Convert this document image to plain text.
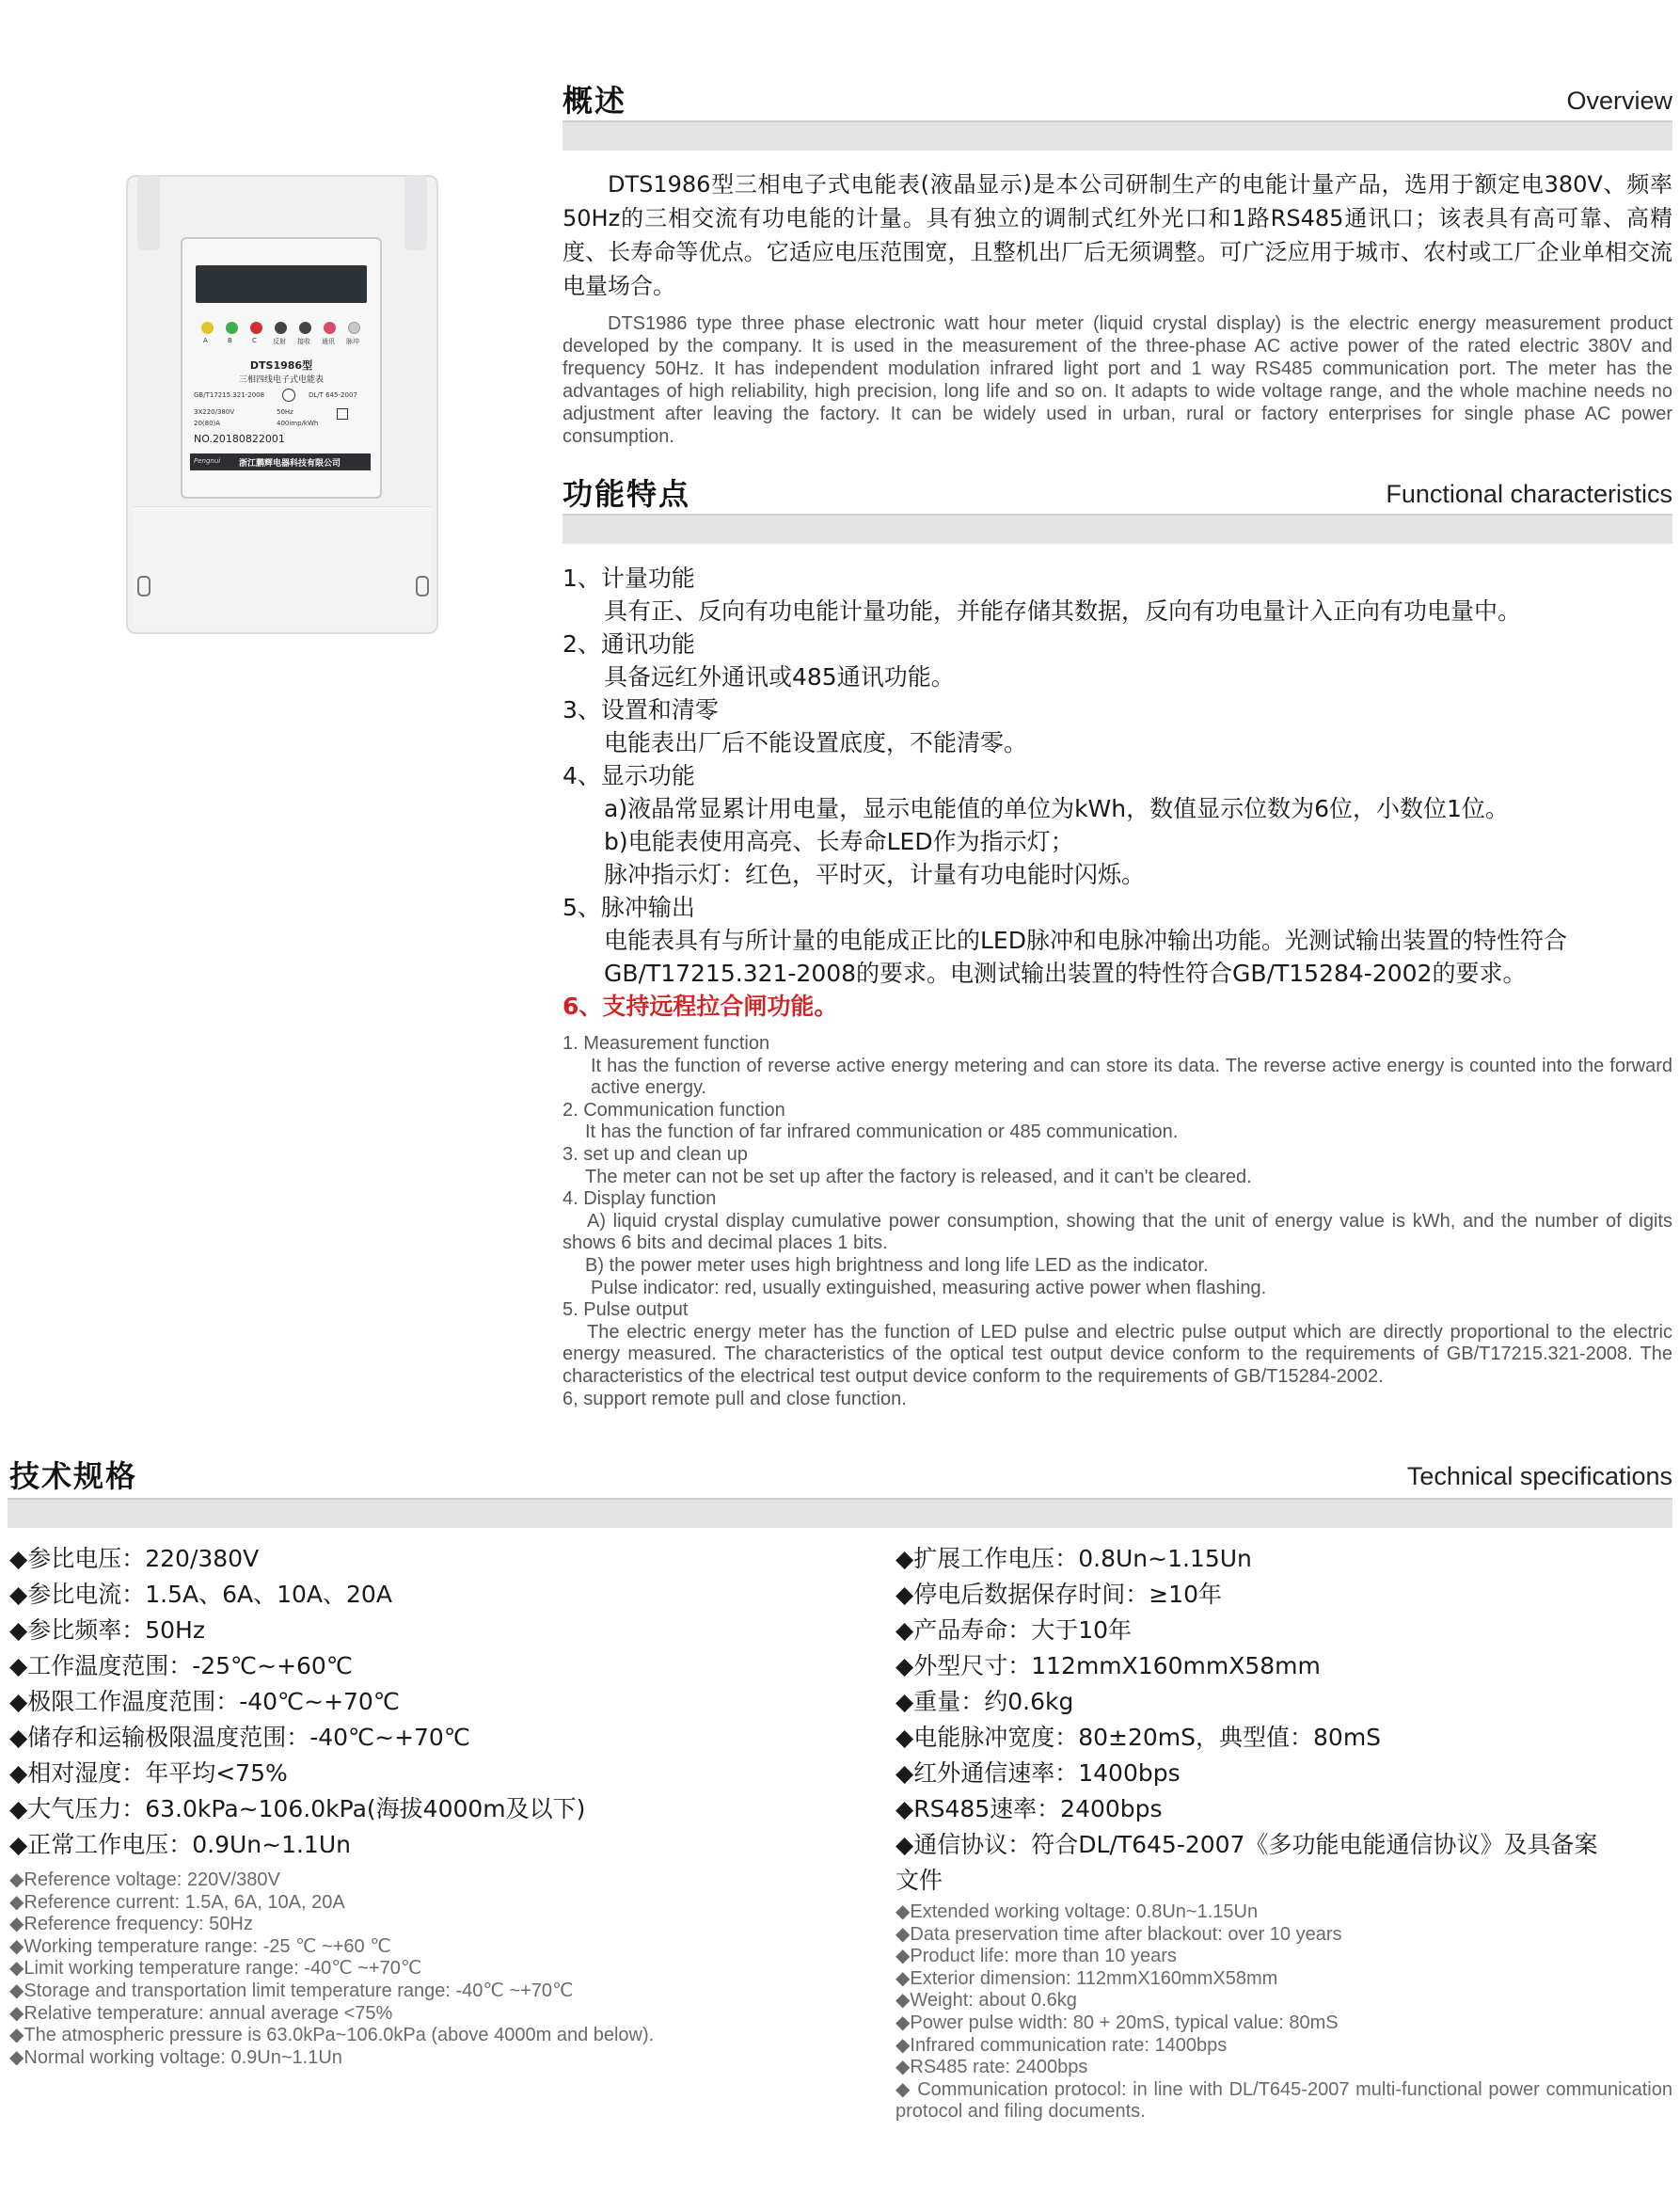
A	B	C 反射 接收 通讯 脉冲
DTS1986型
三相四线电子式电能表
GB/T17215.321-2008	DL/T 645-2007
3X220/380V	50Hz
20(80)A	400imp/kWh
NO.20180822001
Pengnui 浙江鹏辉电器科技有限公司
概述	Overview
DTS1986型三相电子式电能表(液晶显示)是本公司研制生产的电能计量产品，选用于额定电380V、频率50Hz的三相交流有功电能的计量。具有独立的调制式红外光口和1路RS485通讯口；该表具有高可靠、高精度、长寿命等优点。它适应电压范围宽，且整机出厂后无须调整。可广泛应用于城市、农村或工厂企业单相交流电量场合。
DTS1986 type three phase electronic watt hour meter (liquid crystal display) is the electric energy measurement product developed by the company. It is used in the measurement of the three-phase AC active power of the rated electric 380V and frequency 50Hz. It has independent modulation infrared light port and 1 way RS485 communication port. The meter has the advantages of high reliability, high precision, long life and so on. It adapts to wide voltage range, and the whole machine needs no adjustment after leaving the factory. It can be widely used in urban, rural or factory enterprises for single phase AC power consumption.
功能特点	Functional characteristics
1、计量功能
具有正、反向有功电能计量功能，并能存储其数据，反向有功电量计入正向有功电量中。
2、通讯功能
具备远红外通讯或485通讯功能。
3、设置和清零
电能表出厂后不能设置底度，不能清零。
4、显示功能
a)液晶常显累计用电量，显示电能值的单位为kWh，数值显示位数为6位，小数位1位。
b)电能表使用高亮、长寿命LED作为指示灯；
脉冲指示灯：红色，平时灭，计量有功电能时闪烁。
5、脉冲输出
电能表具有与所计量的电能成正比的LED脉冲和电脉冲输出功能。光测试输出装置的特性符合
GB/T17215.321-2008的要求。电测试输出装置的特性符合GB/T15284-2002的要求。
6、支持远程拉合闸功能。
1. Measurement function
It has the function of reverse active energy metering and can store its data. The reverse active energy is counted into the forward active energy.
2. Communication function
It has the function of far infrared communication or 485 communication.
3. set up and clean up
The meter can not be set up after the factory is released, and it can't be cleared.
4. Display function
A) liquid crystal display cumulative power consumption, showing that the unit of energy value is kWh, and the number of digits shows 6 bits and decimal places 1 bits.
B) the power meter uses high brightness and long life LED as the indicator.
Pulse indicator: red, usually extinguished, measuring active power when flashing.
5. Pulse output
The electric energy meter has the function of LED pulse and electric pulse output which are directly proportional to the electric energy measured. The characteristics of the optical test output device conform to the requirements of GB/T17215.321-2008. The characteristics of the electrical test output device conform to the requirements of GB/T15284-2002.
6, support remote pull and close function.
技术规格	Technical specifications
◆参比电压：220/380V
◆参比电流：1.5A、6A、10A、20A
◆参比频率：50Hz
◆工作温度范围：-25℃~+60℃
◆极限工作温度范围：-40℃~+70℃
◆储存和运输极限温度范围：-40℃~+70℃
◆相对湿度：年平均<75%
◆大气压力：63.0kPa~106.0kPa(海拔4000m及以下)
◆正常工作电压：0.9Un~1.1Un
◆Reference voltage: 220V/380V
◆Reference current: 1.5A, 6A, 10A, 20A
◆Reference frequency: 50Hz
◆Working temperature range: -25 ℃ ~+60 ℃
◆Limit working temperature range: -40℃ ~+70℃
◆Storage and transportation limit temperature range: -40℃ ~+70℃
◆Relative temperature: annual average <75%
◆The atmospheric pressure is 63.0kPa~106.0kPa (above 4000m and below).
◆Normal working voltage: 0.9Un~1.1Un
◆扩展工作电压：0.8Un~1.15Un
◆停电后数据保存时间：≥10年
◆产品寿命：大于10年
◆外型尺寸：112mmX160mmX58mm
◆重量：约0.6kg
◆电能脉冲宽度：80±20mS，典型值：80mS
◆红外通信速率：1400bps
◆RS485速率：2400bps
◆通信协议：符合DL/T645-2007《多功能电能通信协议》及具备案
文件
◆Extended working voltage: 0.8Un~1.15Un
◆Data preservation time after blackout: over 10 years
◆Product life: more than 10 years
◆Exterior dimension: 112mmX160mmX58mm
◆Weight: about 0.6kg
◆Power pulse width: 80 + 20mS, typical value: 80mS
◆Infrared communication rate: 1400bps
◆RS485 rate: 2400bps
◆ Communication protocol: in line with DL/T645-2007 multi-functional power communication protocol and filing documents.
